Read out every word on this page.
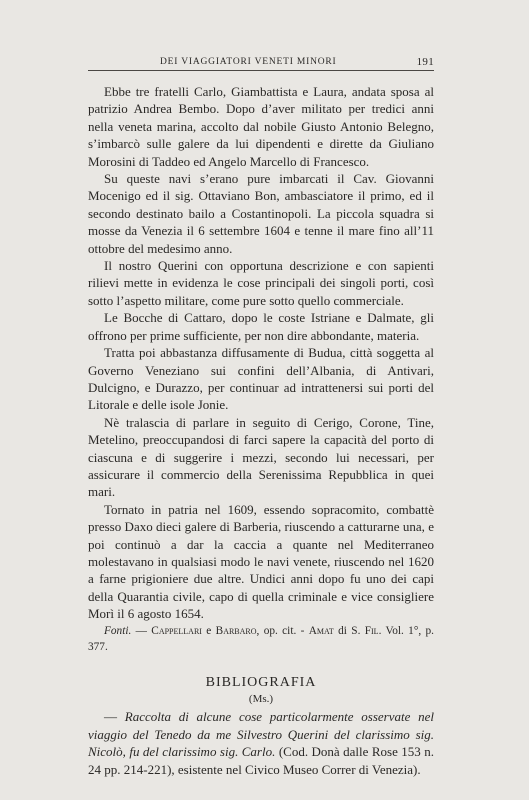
DEI VIAGGIATORI VENETI MINORI	191

Ebbe tre fratelli Carlo, Giambattista e Laura, andata sposa al patrizio Andrea Bembo. Dopo d’aver militato per tredici anni nella veneta marina, accolto dal nobile Giusto Antonio Belegno, s’imbarcò sulle galere da lui dipendenti e dirette da Giuliano Morosini di Taddeo ed Angelo Marcello di Francesco.

Su queste navi s’erano pure imbarcati il Cav. Giovanni Mocenigo ed il sig. Ottaviano Bon, ambasciatore il primo, ed il secondo destinato bailo a Costantinopoli. La piccola squadra si mosse da Venezia il 6 settembre 1604 e tenne il mare fino all’11 ottobre del medesimo anno.

Il nostro Querini con opportuna descrizione e con sapienti rilievi mette in evidenza le cose principali dei singoli porti, così sotto l’aspetto militare, come pure sotto quello commerciale.

Le Bocche di Cattaro, dopo le coste Istriane e Dalmate, gli offrono per prime sufficiente, per non dire abbondante, materia.

Tratta poi abbastanza diffusamente di Budua, città soggetta al Governo Veneziano sui confini dell’Albania, di Antivari, Dulcigno, e Durazzo, per continuar ad intrattenersi sui porti del Litorale e delle isole Jonie.

Nè tralascia di parlare in seguito di Cerigo, Corone, Tine, Metelino, preoccupandosi di farci sapere la capacità del porto di ciascuna e di suggerire i mezzi, secondo lui necessari, per assicurare il commercio della Serenissima Repubblica in quei mari.

Tornato in patria nel 1609, essendo sopracomito, combattè presso Daxo dieci galere di Barberia, riuscendo a catturarne una, e poi continuò a dar la caccia a quante nel Mediterraneo molestavano in qualsiasi modo le navi venete, riuscendo nel 1620 a farne prigioniere due altre. Undici anni dopo fu uno dei capi della Quarantia civile, capo di quella criminale e vice consigliere Morì il 6 agosto 1654.

Fonti. — Cappellari e Barbaro, op. cit. - Amat di S. Fil. Vol. 1°, p. 377.

BIBLIOGRAFIA
(Ms.)

— Raccolta di alcune cose particolarmente osservate nel viaggio del Tenedo da me Silvestro Querini del clarissimo sig. Nicolò, fu del clarissimo sig. Carlo. (Cod. Donà dalle Rose 153 n. 24 pp. 214-221), esistente nel Civico Museo Correr di Venezia).
